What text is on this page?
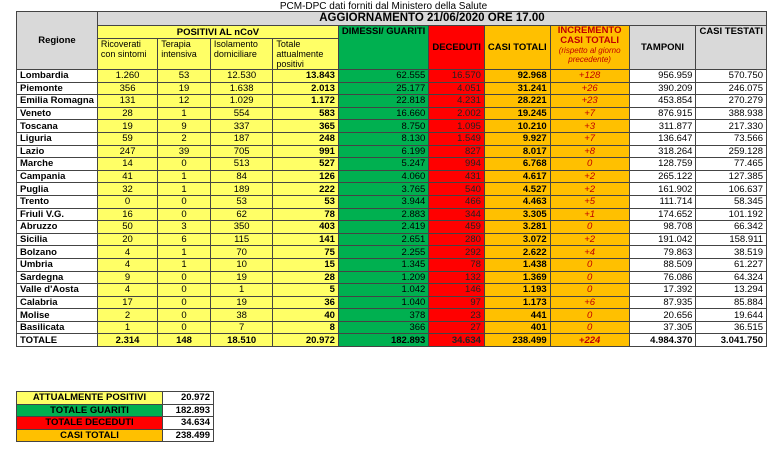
PCM-DPC dati forniti dal Ministero della Salute
Regione	AGGIORNAMENTO 21/06/2020 ORE 17.00									
	POSITIVI AL nCoV				DIMESSI/ GUARITI	DECEDUTI	CASI TOTALI	INCREMENTO CASI TOTALI
(rispetto al giorno precedente)	TAMPONI	CASI TESTATI
	Ricoverati con sintomi	Terapia intensiva	Isolamento domiciliare	Totale attualmente positivi						
Lombardia	1.260	53	12.530	13.843	62.555	16.570	92.968	+128	956.959	570.750
Piemonte	356	19	1.638	2.013	25.177	4.051	31.241	+26	390.209	246.075
Emilia Romagna	131	12	1.029	1.172	22.818	4.231	28.221	+23	453.854	270.279
Veneto	28	1	554	583	16.660	2.002	19.245	+7	876.915	388.938
Toscana	19	9	337	365	8.750	1.095	10.210	+3	311.877	217.330
Liguria	59	2	187	248	8.130	1.549	9.927	+7	136.647	73.566
Lazio	247	39	705	991	6.199	827	8.017	+8	318.264	259.128
Marche	14	0	513	527	5.247	994	6.768	0	128.759	77.465
Campania	41	1	84	126	4.060	431	4.617	+2	265.122	127.385
Puglia	32	1	189	222	3.765	540	4.527	+2	161.902	106.637
Trento	0	0	53	53	3.944	466	4.463	+5	111.714	58.345
Friuli V.G.	16	0	62	78	2.883	344	3.305	+1	174.652	101.192
Abruzzo	50	3	350	403	2.419	459	3.281	0	98.708	66.342
Sicilia	20	6	115	141	2.651	280	3.072	+2	191.042	158.911
Bolzano	4	1	70	75	2.255	292	2.622	+4	79.863	38.519
Umbria	4	1	10	15	1.345	78	1.438	0	88.509	61.227
Sardegna	9	0	19	28	1.209	132	1.369	0	76.086	64.324
Valle d'Aosta	4	0	1	5	1.042	146	1.193	0	17.392	13.294
Calabria	17	0	19	36	1.040	97	1.173	+6	87.935	85.884
Molise	2	0	38	40	378	23	441	0	20.656	19.644
Basilicata	1	0	7	8	366	27	401	0	37.305	36.515
TOTALE	2.314	148	18.510	20.972	182.893	34.634	238.499	+224	4.984.370	3.041.750
ATTUALMENTE POSITIVI	20.972
TOTALE GUARITI	182.893
TOTALE DECEDUTI	34.634
CASI TOTALI	238.499
